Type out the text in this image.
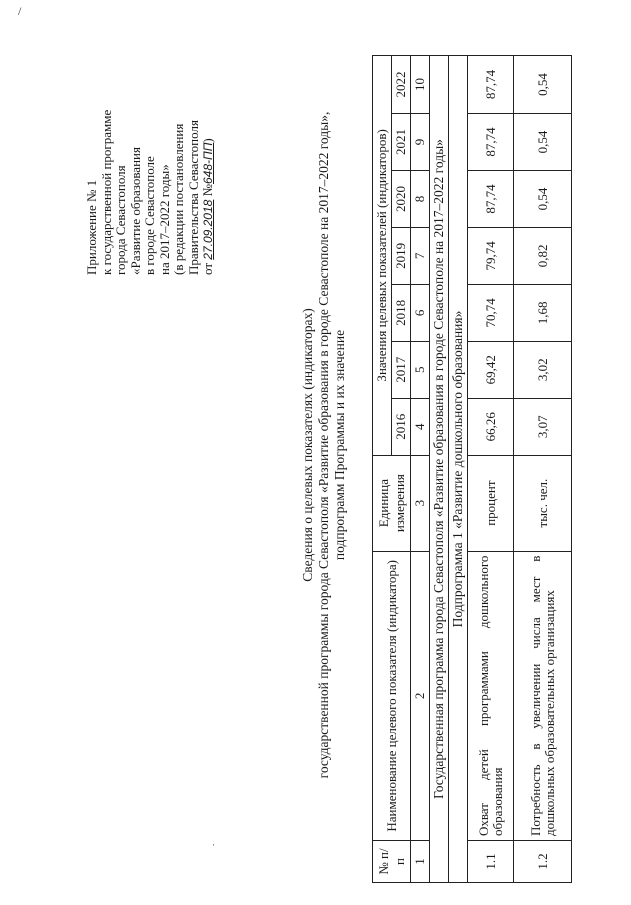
/
·
Приложение № 1 к государственной программе города Севастополя «Развитие образования в городе Севастополе на 2017–2022 годы» (в редакции постановления Правительства Севастополя от 27.09.2018 №648-ПП)
Сведения о целевых показателях (индикаторах) государственной программы города Севастополя «Развитие образования в городе Севастополе на 2017–2022 годы», подпрограмм Программы и их значение
№ п/п	Наименование целевого показателя (индикатора)	Единица измерения	Значения целевых показателей (индикаторов)						
			2016	2017	2018	2019	2020	2021	2022
1	2	3	4	5	6	7	8	9	10
Государственная программа города Севастополя «Развитие образования в городе Севастополе на 2017–2022 годы»									
Подпрограмма 1 «Развитие дошкольного образования»									
1.1	Охват детей программами дошкольного образования	процент	66,26	69,42	70,74	79,74	87,74	87,74	87,74
1.2	Потребность в увеличении числа мест в дошкольных образовательных организациях	тыс. чел.	3,07	3,02	1,68	0,82	0,54	0,54	0,54
